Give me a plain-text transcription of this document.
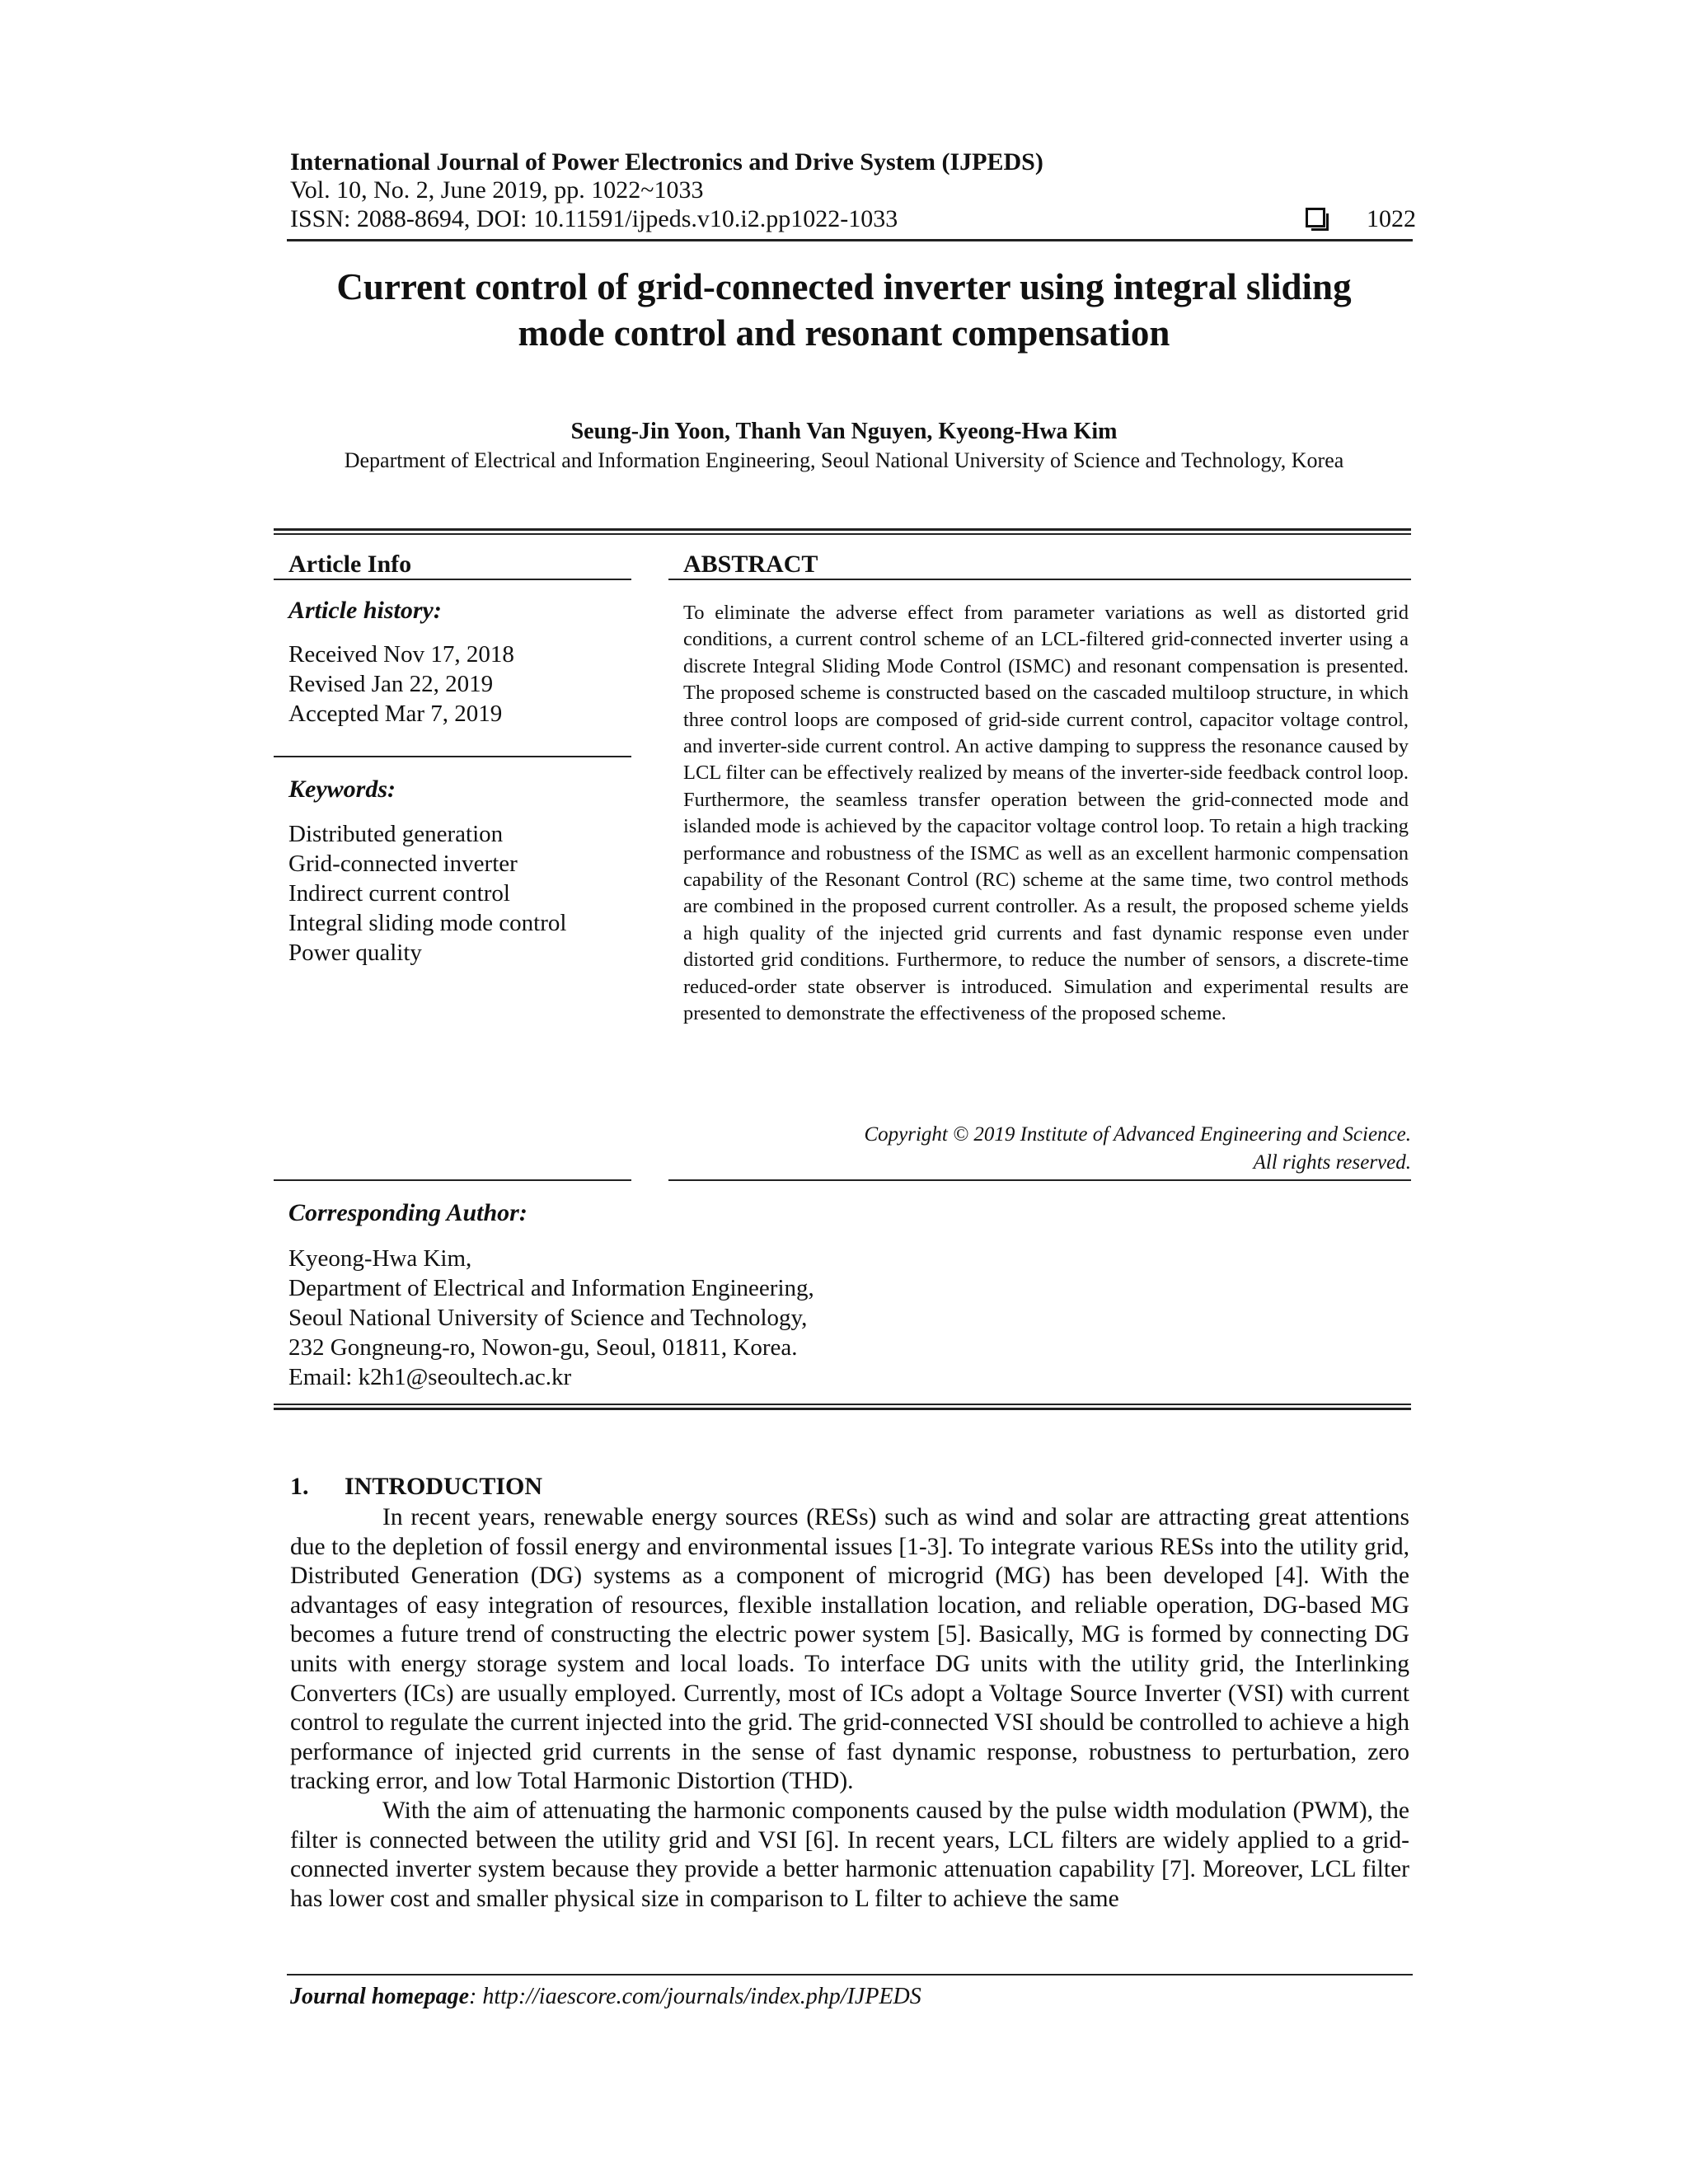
International Journal of Power Electronics and Drive System (IJPEDS)
Vol. 10, No. 2, June 2019, pp. 1022~1033
ISSN: 2088-8694, DOI: 10.11591/ijpeds.v10.i2.pp1022-1033	1022
Current control of grid-connected inverter using integral sliding
mode control and resonant compensation
Seung-Jin Yoon, Thanh Van Nguyen, Kyeong-Hwa Kim
Department of Electrical and Information Engineering, Seoul National University of Science and Technology, Korea
Article Info
Article history:
Received Nov 17, 2018
Revised Jan 22, 2019
Accepted Mar 7, 2019
Keywords:
Distributed generation
Grid-connected inverter
Indirect current control
Integral sliding mode control
Power quality
ABSTRACT
To eliminate the adverse effect from parameter variations as well as distorted grid conditions, a current control scheme of an LCL-filtered grid-connected inverter using a discrete Integral Sliding Mode Control (ISMC) and resonant compensation is presented. The proposed scheme is constructed based on the cascaded multiloop structure, in which three control loops are composed of grid-side current control, capacitor voltage control, and inverter-side current control. An active damping to suppress the resonance caused by LCL filter can be effectively realized by means of the inverter-side feedback control loop. Furthermore, the seamless transfer operation between the grid-connected mode and islanded mode is achieved by the capacitor voltage control loop. To retain a high tracking performance and robustness of the ISMC as well as an excellent harmonic compensation capability of the Resonant Control (RC) scheme at the same time, two control methods are combined in the proposed current controller. As a result, the proposed scheme yields a high quality of the injected grid currents and fast dynamic response even under distorted grid conditions. Furthermore, to reduce the number of sensors, a discrete-time reduced-order state observer is introduced. Simulation and experimental results are presented to demonstrate the effectiveness of the proposed scheme.
Copyright © 2019 Institute of Advanced Engineering and Science.
All rights reserved.
Corresponding Author:
Kyeong-Hwa Kim,
Department of Electrical and Information Engineering,
Seoul National University of Science and Technology,
232 Gongneung-ro, Nowon-gu, Seoul, 01811, Korea.
Email: k2h1@seoultech.ac.kr
1. INTRODUCTION

In recent years, renewable energy sources (RESs) such as wind and solar are attracting great attentions due to the depletion of fossil energy and environmental issues [1-3]. To integrate various RESs into the utility grid, Distributed Generation (DG) systems as a component of microgrid (MG) has been developed [4]. With the advantages of easy integration of resources, flexible installation location, and reliable operation, DG-based MG becomes a future trend of constructing the electric power system [5]. Basically, MG is formed by connecting DG units with energy storage system and local loads. To interface DG units with the utility grid, the Interlinking Converters (ICs) are usually employed. Currently, most of ICs adopt a Voltage Source Inverter (VSI) with current control to regulate the current injected into the grid. The grid-connected VSI should be controlled to achieve a high performance of injected grid currents in the sense of fast dynamic response, robustness to perturbation, zero tracking error, and low Total Harmonic Distortion (THD).

With the aim of attenuating the harmonic components caused by the pulse width modulation (PWM), the filter is connected between the utility grid and VSI [6]. In recent years, LCL filters are widely applied to a grid-connected inverter system because they provide a better harmonic attenuation capability [7]. Moreover, LCL filter has lower cost and smaller physical size in comparison to L filter to achieve the same

Journal homepage: http://iaescore.com/journals/index.php/IJPEDS
